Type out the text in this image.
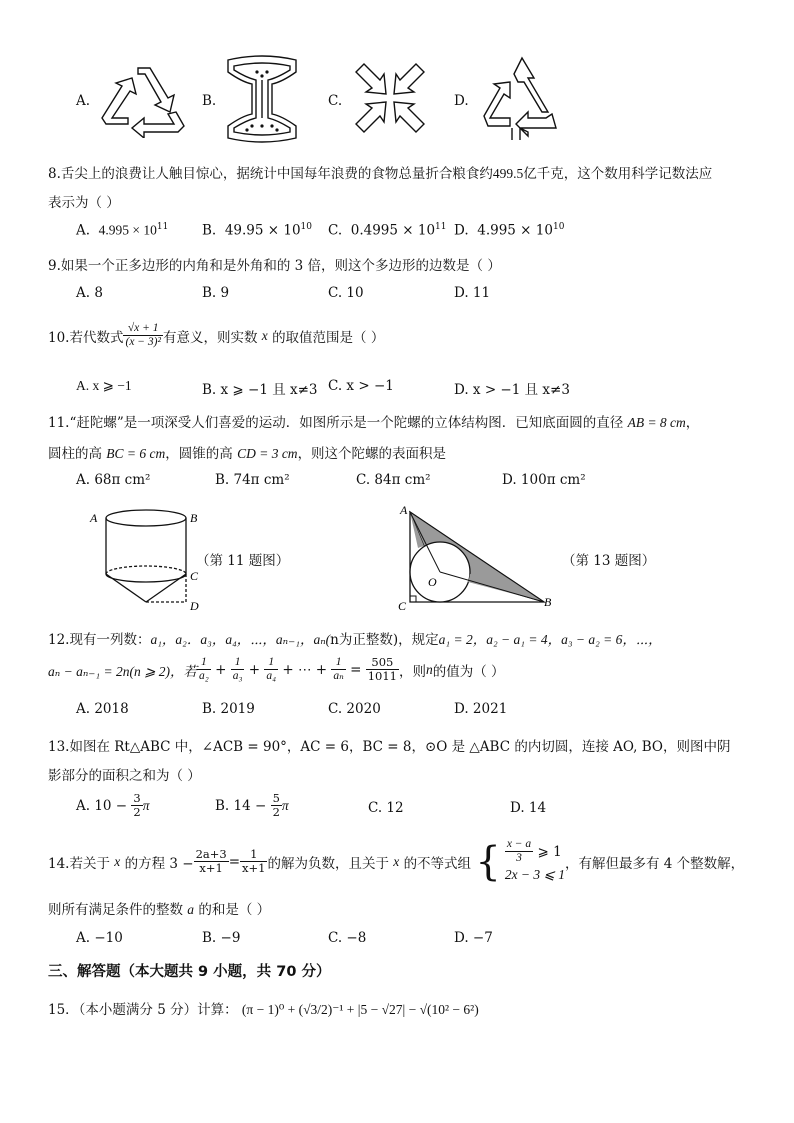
A.	B.	C.	D.
8.舌尖上的浪费让人触目惊心，据统计中国每年浪费的食物总量折合粮食约499.5亿千克，这个数用科学记数法应
表示为（ ）
A. $4.995 \times 10^{11}$ B. $49.95 \times 10^{10}$ C. $0.4995 \times 10^{11}$ D. $4.995 \times 10^{10}$
9.如果一个正多边形的内角和是外角和的 3 倍，则这个多边形的边数是（ ）
A. 8	B. 9	C. 10	D. 11
10.若代数式 $\frac{√x + 1}{\text{(x − 3)²}}$ 有意义，则实数
x
的取值范围是（ ）
A. x ⩾ −1	B. x ⩾ −1 且 x≠3 C. x > −1	D. x > −1 且 x≠3
11.“赶陀螺”是一项深受人们喜爱的运动．如图所示是一个陀螺的立体结构图．已知底面圆的直径 AB = 8 cm，
圆柱的高 BC = 6 cm，圆锥的高 CD = 3 cm，则这个陀螺的表面积是
A. 68π cm²	B. 74π cm²	C. 84π cm²	D. 100π cm²
A	B
C
D
（第 11 题图）
A
C	B
O
（第 13 题图）
12.现有一列数：a₁，a₂．a₃，a₄，⋯，aₙ₋₁，aₙ(n为正整数)，规定a₁ = 2，a₂ − a₁ = 4，a₃ − a₂ = 6，⋯，
aₙ − aₙ₋₁ = 2n(n ⩾ 2)，若 $\frac{1}{\text{a₂}} + \frac{1}{\text{a₃}} + \frac{1}{\text{a₄}}$ + ⋯ + $\frac{1}{\text{aₙ}}$
=
$\frac{505}{1011}$ ，则 n 的值为（ ）
A. 2018	B. 2019	C. 2020	D. 2021
13.如图在 Rt△ABC 中，∠ACB = 90°，AC = 6，BC = 8，⊙O 是 △ABC 的内切圆，连接 AO, BO，则图中阴
影部分的面积之和为（ ）
A. 10 −
$\frac{3}{2}$ π	B. 14 −
$\frac{5}{2}$ π	C. 12	D. 14
14.若关于
x
的方程 $3 - \frac{2a+3}{x+1} = \frac{1}{x+1}$ 的解为负数，且关于
x
的不等式组
{ $\frac{x - a}{3}$
⩾ 1
2x − 3 ⩽ 1
，有解但最多有 4 个整数解，
则所有满足条件的整数 a 的和是（ ）
A. −10	B. −9	C. −8	D. −7
三、解答题（本大题共 9 小题，共 70 分）
15．（本小题满分 5 分）计算： (π − 1)⁰ + (√3/2)⁻¹ + |5 − √27| − √(10² − 6²)
